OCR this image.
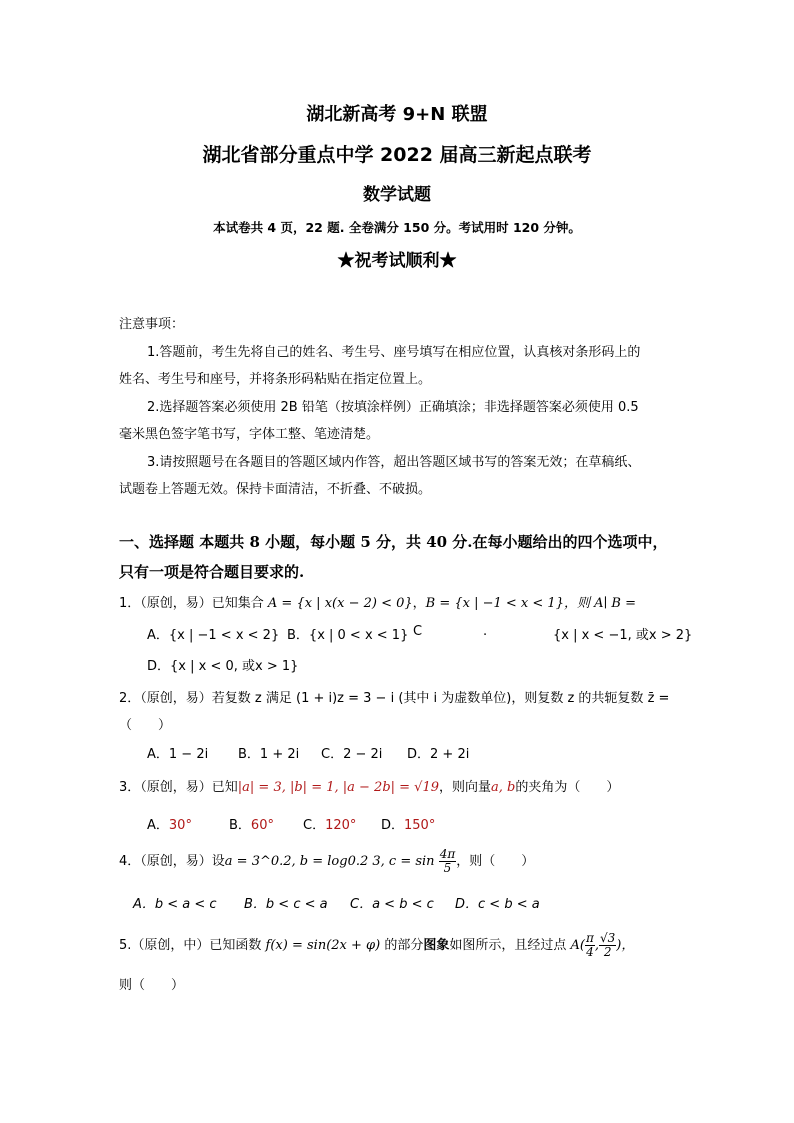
湖北新高考 9+N 联盟
湖北省部分重点中学 2022 届高三新起点联考
数学试题
本试卷共 4 页，22 题. 全卷满分 150 分。考试用时 120 分钟。
★祝考试顺利★
注意事项：
1.答题前，考生先将自己的姓名、考生号、座号填写在相应位置，认真核对条形码上的
姓名、考生号和座号，并将条形码粘贴在指定位置上。
2.选择题答案必须使用 2B 铅笔（按填涂样例）正确填涂；非选择题答案必须使用 0.5
毫米黑色签字笔书写，字体工整、笔迹清楚。
3.请按照题号在各题目的答题区域内作答，超出答题区域书写的答案无效；在草稿纸、
试题卷上答题无效。保持卡面清洁，不折叠、不破损。
一、选择题 本题共 8 小题，每小题 5 分，共 40 分.在每小题给出的四个选项中，
只有一项是符合题目要求的.
1．（原创，易）已知集合 A = {x | x(x − 2) < 0}，B = {x | −1 < x < 1}，则 A∣ B =
A．{x | −1 < x < 2} B．{x | 0 < x < 1} C	.	{x | x < −1, 或x > 2}
D．{x | x < 0, 或x > 1}
2．（原创，易）若复数 z 满足 (1 + i)z = 3 − i (其中 i 为虚数单位)，则复数 z 的共轭复数 z̄ =
（　　）
A．1 − 2i B．1 + 2i C．2 − 2i D．2 + 2i
3．（原创，易）已知|a| = 3, |b| = 1, |a − 2b| = √19，则向量a, b的夹角为（　　）
A．30°	B．60° C．120° D．150°
4．（原创，易）设a = 3^0.2, b = log0.2 3, $c = \sin \frac{4\pi}{5}$ ，则（　　）
A．b < a < c B．b < c < a C．a < b < c D．c < b < a
5.（原创，中）已知函数 f(x) = sin(2x + φ) 的部分图象如图所示，且经过点 $A( \frac{\pi}{4}$ , $\frac{√3}{2}$ )，
则（　　）
